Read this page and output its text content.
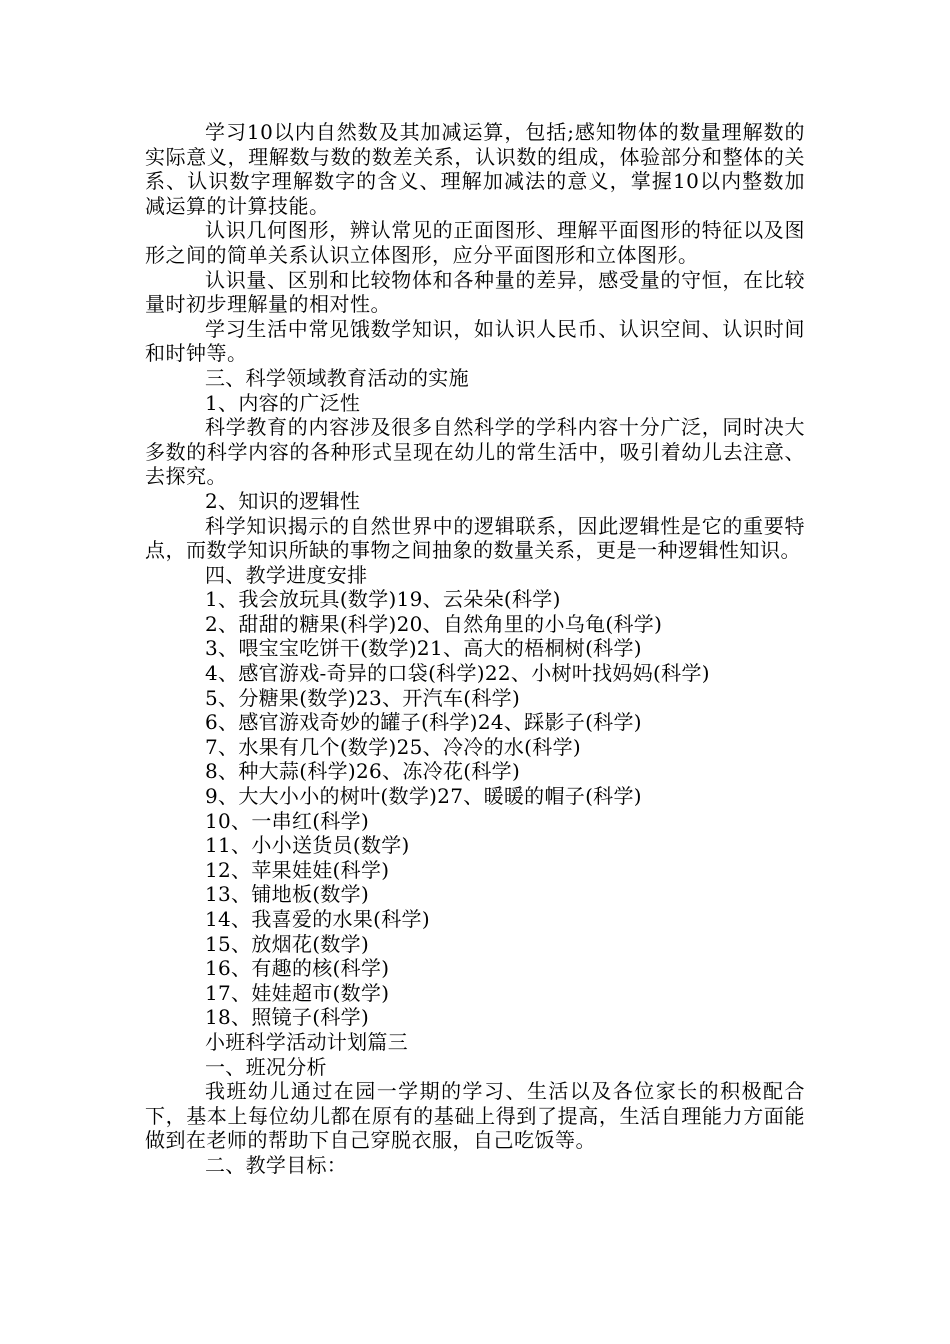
学习10以内自然数及其加减运算，包括;感知物体的数量理解数的实际意义，理解数与数的数差关系，认识数的组成，体验部分和整体的关系、认识数字理解数字的含义、理解加减法的意义，掌握10以内整数加减运算的计算技能。

认识几何图形，辨认常见的正面图形、理解平面图形的特征以及图形之间的简单关系认识立体图形，应分平面图形和立体图形。

认识量、区别和比较物体和各种量的差异，感受量的守恒，在比较量时初步理解量的相对性。

学习生活中常见饿数学知识，如认识人民币、认识空间、认识时间和时钟等。

三、科学领域教育活动的实施

1、内容的广泛性

科学教育的内容涉及很多自然科学的学科内容十分广泛，同时决大多数的科学内容的各种形式呈现在幼儿的常生活中，吸引着幼儿去注意、去探究。

2、知识的逻辑性

科学知识揭示的自然世界中的逻辑联系，因此逻辑性是它的重要特点，而数学知识所缺的事物之间抽象的数量关系，更是一种逻辑性知识。

四、教学进度安排

1、我会放玩具(数学)19、云朵朵(科学)

2、甜甜的糖果(科学)20、自然角里的小乌龟(科学)

3、喂宝宝吃饼干(数学)21、高大的梧桐树(科学)

4、感官游戏-奇异的口袋(科学)22、小树叶找妈妈(科学)

5、分糖果(数学)23、开汽车(科学)

6、感官游戏奇妙的罐子(科学)24、踩影子(科学)

7、水果有几个(数学)25、冷冷的水(科学)

8、种大蒜(科学)26、冻冷花(科学)

9、大大小小的树叶(数学)27、暖暖的帽子(科学)

10、一串红(科学)

11、小小送货员(数学)

12、苹果娃娃(科学)

13、铺地板(数学)

14、我喜爱的水果(科学)

15、放烟花(数学)

16、有趣的核(科学)

17、娃娃超市(数学)

18、照镜子(科学)

小班科学活动计划篇三

一、班况分析

我班幼儿通过在园一学期的学习、生活以及各位家长的积极配合下，基本上每位幼儿都在原有的基础上得到了提高，生活自理能力方面能做到在老师的帮助下自己穿脱衣服，自己吃饭等。

二、教学目标：
